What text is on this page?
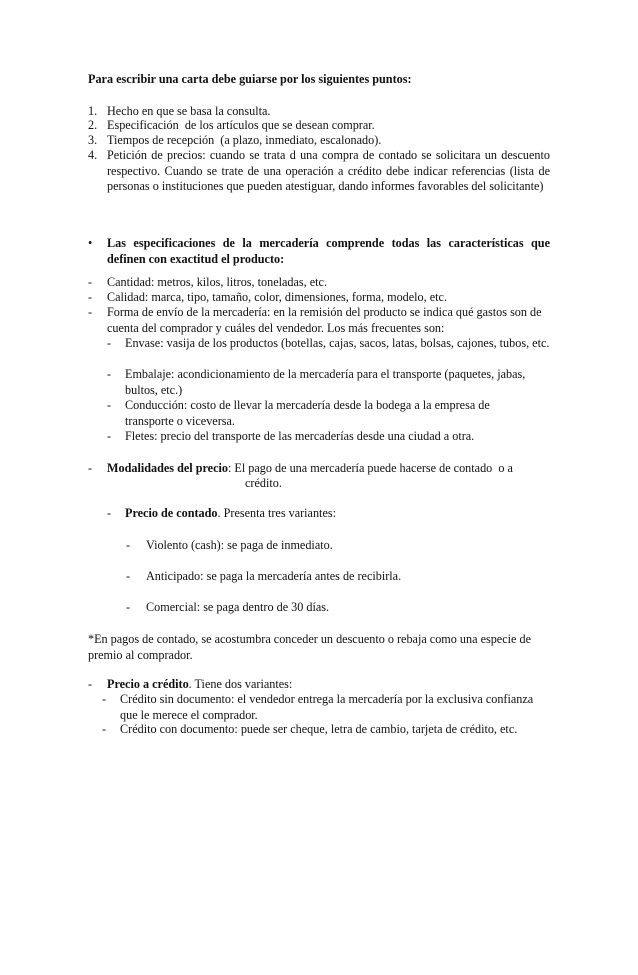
Para escribir una carta debe guiarse por los siguientes puntos:
1. Hecho en que se basa la consulta.
2. Especificación  de los artículos que se desean comprar.
3. Tiempos de recepción  (a plazo, inmediato, escalonado).
4. Petición de precios: cuando se trata d una compra de contado se solicitara un descuento respectivo. Cuando se trate de una operación a crédito debe indicar referencias (lista de personas o instituciones que pueden atestiguar, dando informes favorables del solicitante)
• Las especificaciones de la mercadería comprende todas las características que definen con exactitud el producto:
- Cantidad: metros, kilos, litros, toneladas, etc.
- Calidad: marca, tipo, tamaño, color, dimensiones, forma, modelo, etc.
- Forma de envío de la mercadería: en la remisión del producto se indica qué gastos son de cuenta del comprador y cuáles del vendedor. Los más frecuentes son:
- Envase: vasija de los productos (botellas, cajas, sacos, latas, bolsas, cajones, tubos, etc.
- Embalaje: acondicionamiento de la mercadería para el transporte (paquetes, jabas, bultos, etc.)
- Conducción: costo de llevar la mercadería desde la bodega a la empresa de transporte o viceversa.
- Fletes: precio del transporte de las mercaderías desde una ciudad a otra.
- Modalidades del precio: El pago de una mercadería puede hacerse de contado  o a
crédito.
- Precio de contado. Presenta tres variantes:
- Violento (cash): se paga de inmediato.
- Anticipado: se paga la mercadería antes de recibirla.
- Comercial: se paga dentro de 30 días.
*En pagos de contado, se acostumbra conceder un descuento o rebaja como una especie de premio al comprador.
- Precio a crédito. Tiene dos variantes:
- Crédito sin documento: el vendedor entrega la mercadería por la exclusiva confianza que le merece el comprador.
- Crédito con documento: puede ser cheque, letra de cambio, tarjeta de crédito, etc.
